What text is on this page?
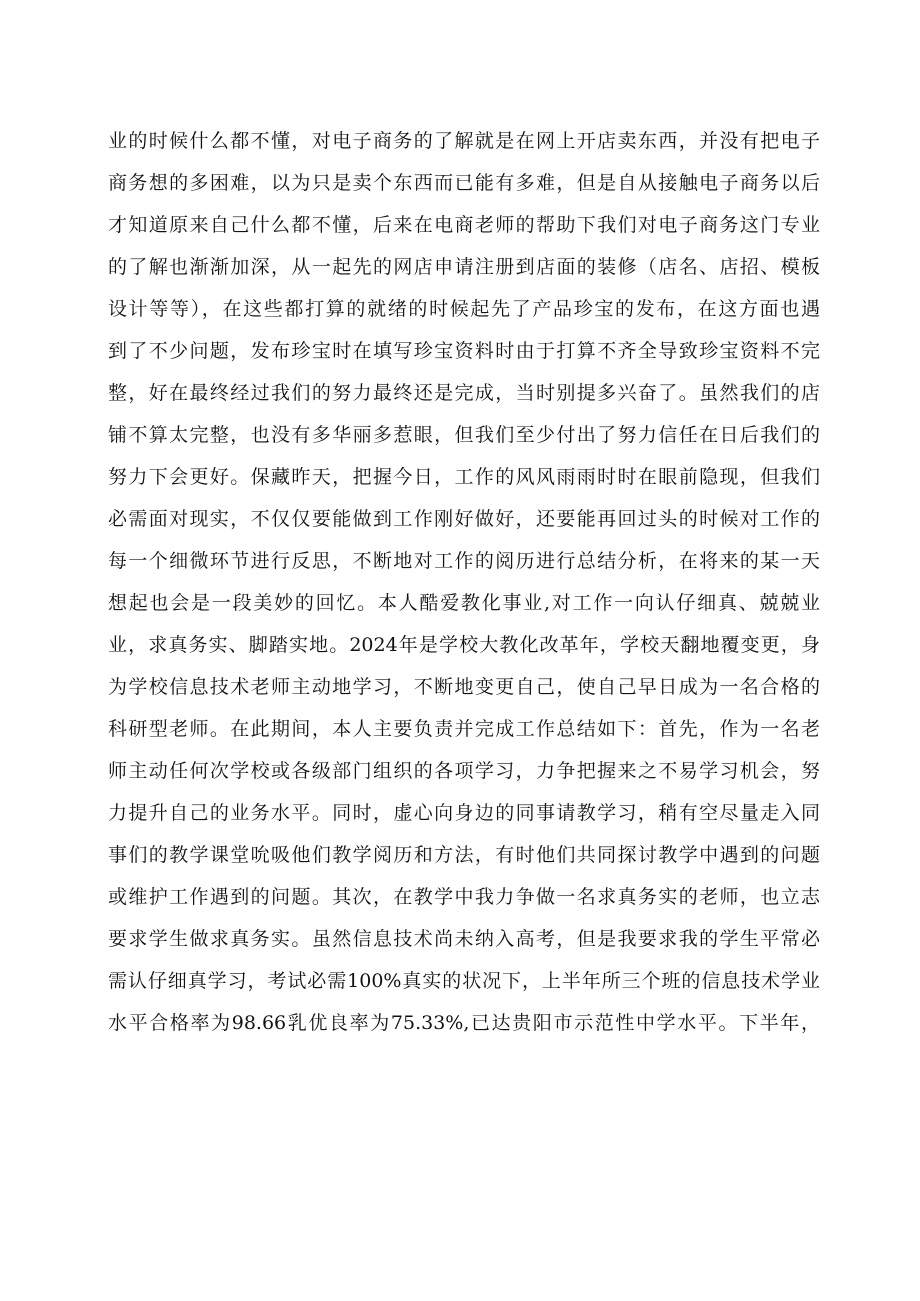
业的时候什么都不懂，对电子商务的了解就是在网上开店卖东西，并没有把电子
商务想的多困难，以为只是卖个东西而已能有多难，但是自从接触电子商务以后
才知道原来自己什么都不懂，后来在电商老师的帮助下我们对电子商务这门专业
的了解也渐渐加深，从一起先的网店申请注册到店面的装修（店名、店招、模板
设计等等），在这些都打算的就绪的时候起先了产品珍宝的发布，在这方面也遇
到了不少问题，发布珍宝时在填写珍宝资料时由于打算不齐全导致珍宝资料不完
整，好在最终经过我们的努力最终还是完成，当时别提多兴奋了。虽然我们的店
铺不算太完整，也没有多华丽多惹眼，但我们至少付出了努力信任在日后我们的
努力下会更好。保藏昨天，把握今日，工作的风风雨雨时时在眼前隐现，但我们
必需面对现实，不仅仅要能做到工作刚好做好，还要能再回过头的时候对工作的
每一个细微环节进行反思，不断地对工作的阅历进行总结分析，在将来的某一天
想起也会是一段美妙的回忆。本人酷爱教化事业,对工作一向认仔细真、兢兢业
业，求真务实、脚踏实地。2024年是学校大教化改革年，学校天翻地覆变更，身
为学校信息技术老师主动地学习，不断地变更自己，使自己早日成为一名合格的
科研型老师。在此期间，本人主要负责并完成工作总结如下：首先，作为一名老
师主动任何次学校或各级部门组织的各项学习，力争把握来之不易学习机会，努
力提升自己的业务水平。同时，虚心向身边的同事请教学习，稍有空尽量走入同
事们的教学课堂吮吸他们教学阅历和方法，有时他们共同探讨教学中遇到的问题
或维护工作遇到的问题。其次，在教学中我力争做一名求真务实的老师，也立志
要求学生做求真务实。虽然信息技术尚未纳入高考，但是我要求我的学生平常必
需认仔细真学习，考试必需100%真实的状况下，上半年所三个班的信息技术学业
水平合格率为98.66乳优良率为75.33%,已达贵阳市示范性中学水平。下半年，
